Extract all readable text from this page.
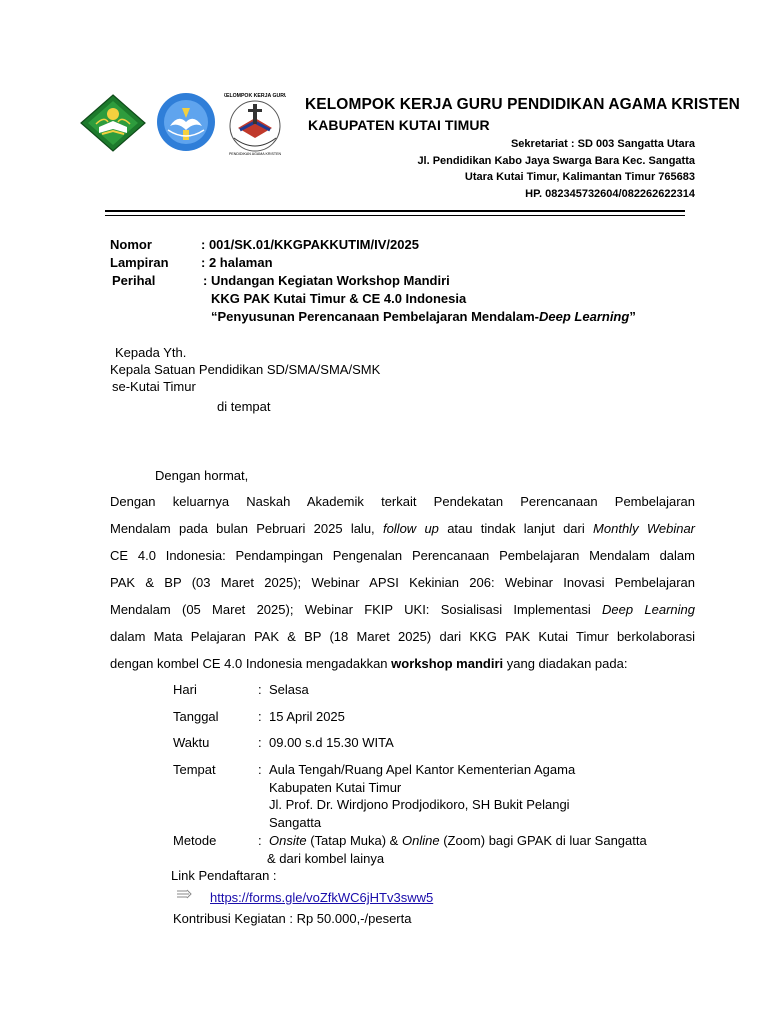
KELOMPOK KERJA GURU
PENDIDIKAN AGAMA KRISTEN
KELOMPOK KERJA GURU PENDIDIKAN AGAMA KRISTEN
KABUPATEN KUTAI TIMUR
Sekretariat : SD 003 Sangatta Utara
Jl. Pendidikan Kabo Jaya Swarga Bara Kec. Sangatta
Utara Kutai Timur, Kalimantan Timur 765683
HP. 082345732604/082262622314
Nomor	: 001/SK.01/KKGPAKKUTIM/IV/2025
Lampiran : 2 halaman
Perihal	: Undangan Kegiatan Workshop Mandiri
KKG PAK Kutai Timur & CE 4.0 Indonesia
“Penyusunan Perencanaan Pembelajaran Mendalam-Deep Learning”
Kepada Yth.
Kepala Satuan Pendidikan SD/SMA/SMA/SMK
se-Kutai Timur
di tempat
Dengan hormat,
Dengan keluarnya Naskah Akademik terkait Pendekatan Perencanaan Pembelajaran
Mendalam pada bulan Pebruari 2025 lalu, follow up atau tindak lanjut dari Monthly Webinar
CE 4.0 Indonesia: Pendampingan Pengenalan Perencanaan Pembelajaran Mendalam dalam
PAK & BP (03 Maret 2025); Webinar APSI Kekinian 206: Webinar Inovasi Pembelajaran
Mendalam (05 Maret 2025); Webinar FKIP UKI: Sosialisasi Implementasi Deep Learning
dalam Mata Pelajaran PAK & BP (18 Maret 2025) dari KKG PAK Kutai Timur berkolaborasi
dengan kombel CE 4.0 Indonesia mengadakkan workshop mandiri yang diadakan pada:
Hari	: Selasa
Tanggal	: 15 April 2025
Waktu	: 09.00 s.d 15.30 WITA
Tempat	: Aula Tengah/Ruang Apel Kantor Kementerian Agama
Kabupaten Kutai Timur
Jl. Prof. Dr. Wirdjono Prodjodikoro, SH Bukit Pelangi
Sangatta
Metode	: Onsite (Tatap Muka) & Online (Zoom) bagi GPAK di luar Sangatta
& dari kombel lainya
Link Pendaftaran :
https://forms.gle/voZfkWC6jHTv3sww5
Kontribusi Kegiatan : Rp 50.000,-/peserta
